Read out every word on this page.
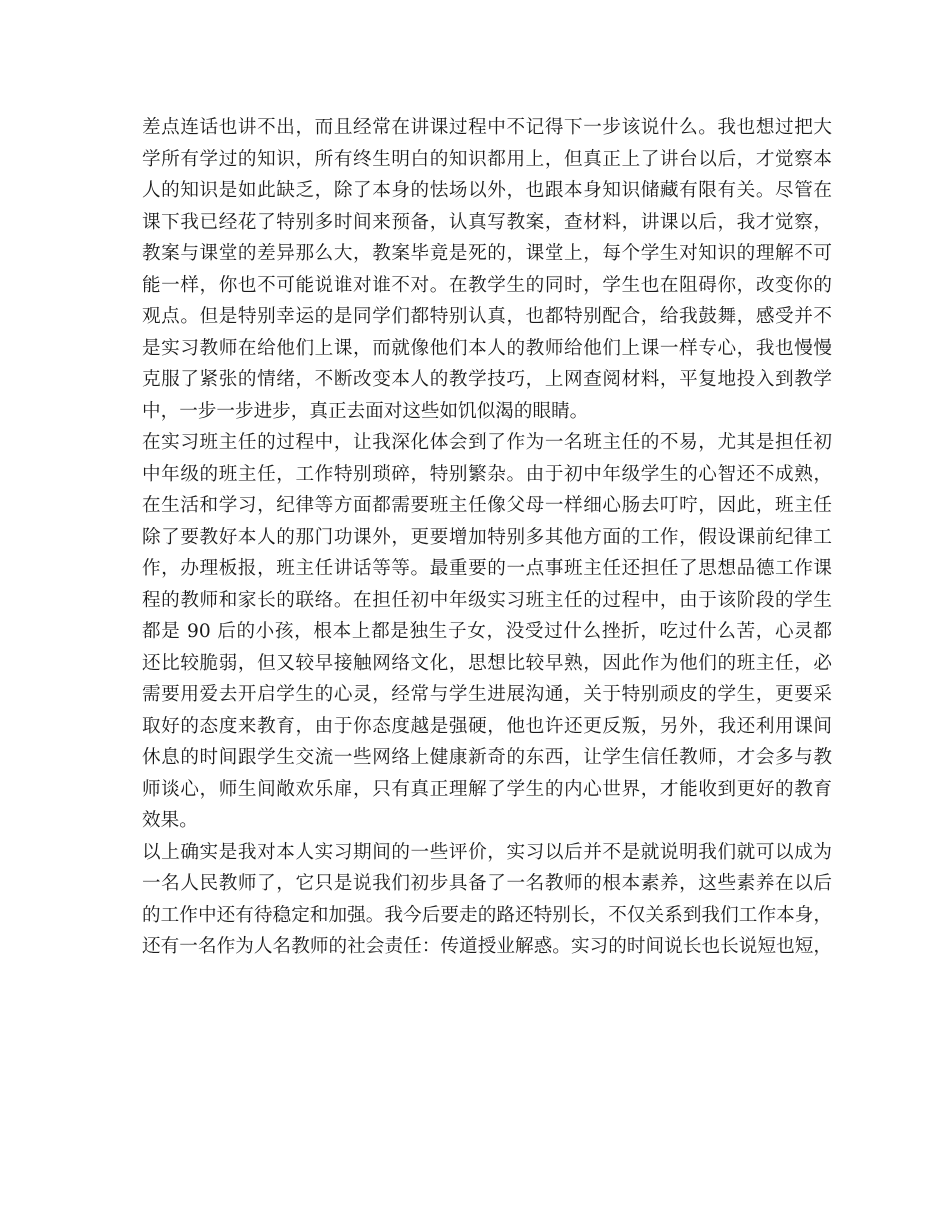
差点连话也讲不出，而且经常在讲课过程中不记得下一步该说什么。我也想过把大
学所有学过的知识，所有终生明白的知识都用上，但真正上了讲台以后，才觉察本
人的知识是如此缺乏，除了本身的怯场以外，也跟本身知识储藏有限有关。尽管在
课下我已经花了特别多时间来预备，认真写教案，查材料，讲课以后，我才觉察，
教案与课堂的差异那么大，教案毕竟是死的，课堂上，每个学生对知识的理解不可
能一样，你也不可能说谁对谁不对。在教学生的同时，学生也在阻碍你，改变你的
观点。但是特别幸运的是同学们都特别认真，也都特别配合，给我鼓舞，感受并不
是实习教师在给他们上课，而就像他们本人的教师给他们上课一样专心，我也慢慢
克服了紧张的情绪，不断改变本人的教学技巧，上网查阅材料，平复地投入到教学
中，一步一步进步，真正去面对这些如饥似渴的眼睛。
在实习班主任的过程中，让我深化体会到了作为一名班主任的不易，尤其是担任初
中年级的班主任，工作特别琐碎，特别繁杂。由于初中年级学生的心智还不成熟，
在生活和学习，纪律等方面都需要班主任像父母一样细心肠去叮咛，因此，班主任
除了要教好本人的那门功课外，更要增加特别多其他方面的工作，假设课前纪律工
作，办理板报，班主任讲话等等。最重要的一点事班主任还担任了思想品德工作课
程的教师和家长的联络。在担任初中年级实习班主任的过程中，由于该阶段的学生
都是 90 后的小孩，根本上都是独生子女，没受过什么挫折，吃过什么苦，心灵都
还比较脆弱，但又较早接触网络文化，思想比较早熟，因此作为他们的班主任，必
需要用爱去开启学生的心灵，经常与学生进展沟通，关于特别顽皮的学生，更要采
取好的态度来教育，由于你态度越是强硬，他也许还更反叛，另外，我还利用课间
休息的时间跟学生交流一些网络上健康新奇的东西，让学生信任教师，才会多与教
师谈心，师生间敞欢乐扉，只有真正理解了学生的内心世界，才能收到更好的教育
效果。
以上确实是我对本人实习期间的一些评价，实习以后并不是就说明我们就可以成为
一名人民教师了，它只是说我们初步具备了一名教师的根本素养，这些素养在以后
的工作中还有待稳定和加强。我今后要走的路还特别长，不仅关系到我们工作本身，
还有一名作为人名教师的社会责任：传道授业解惑。实习的时间说长也长说短也短，
